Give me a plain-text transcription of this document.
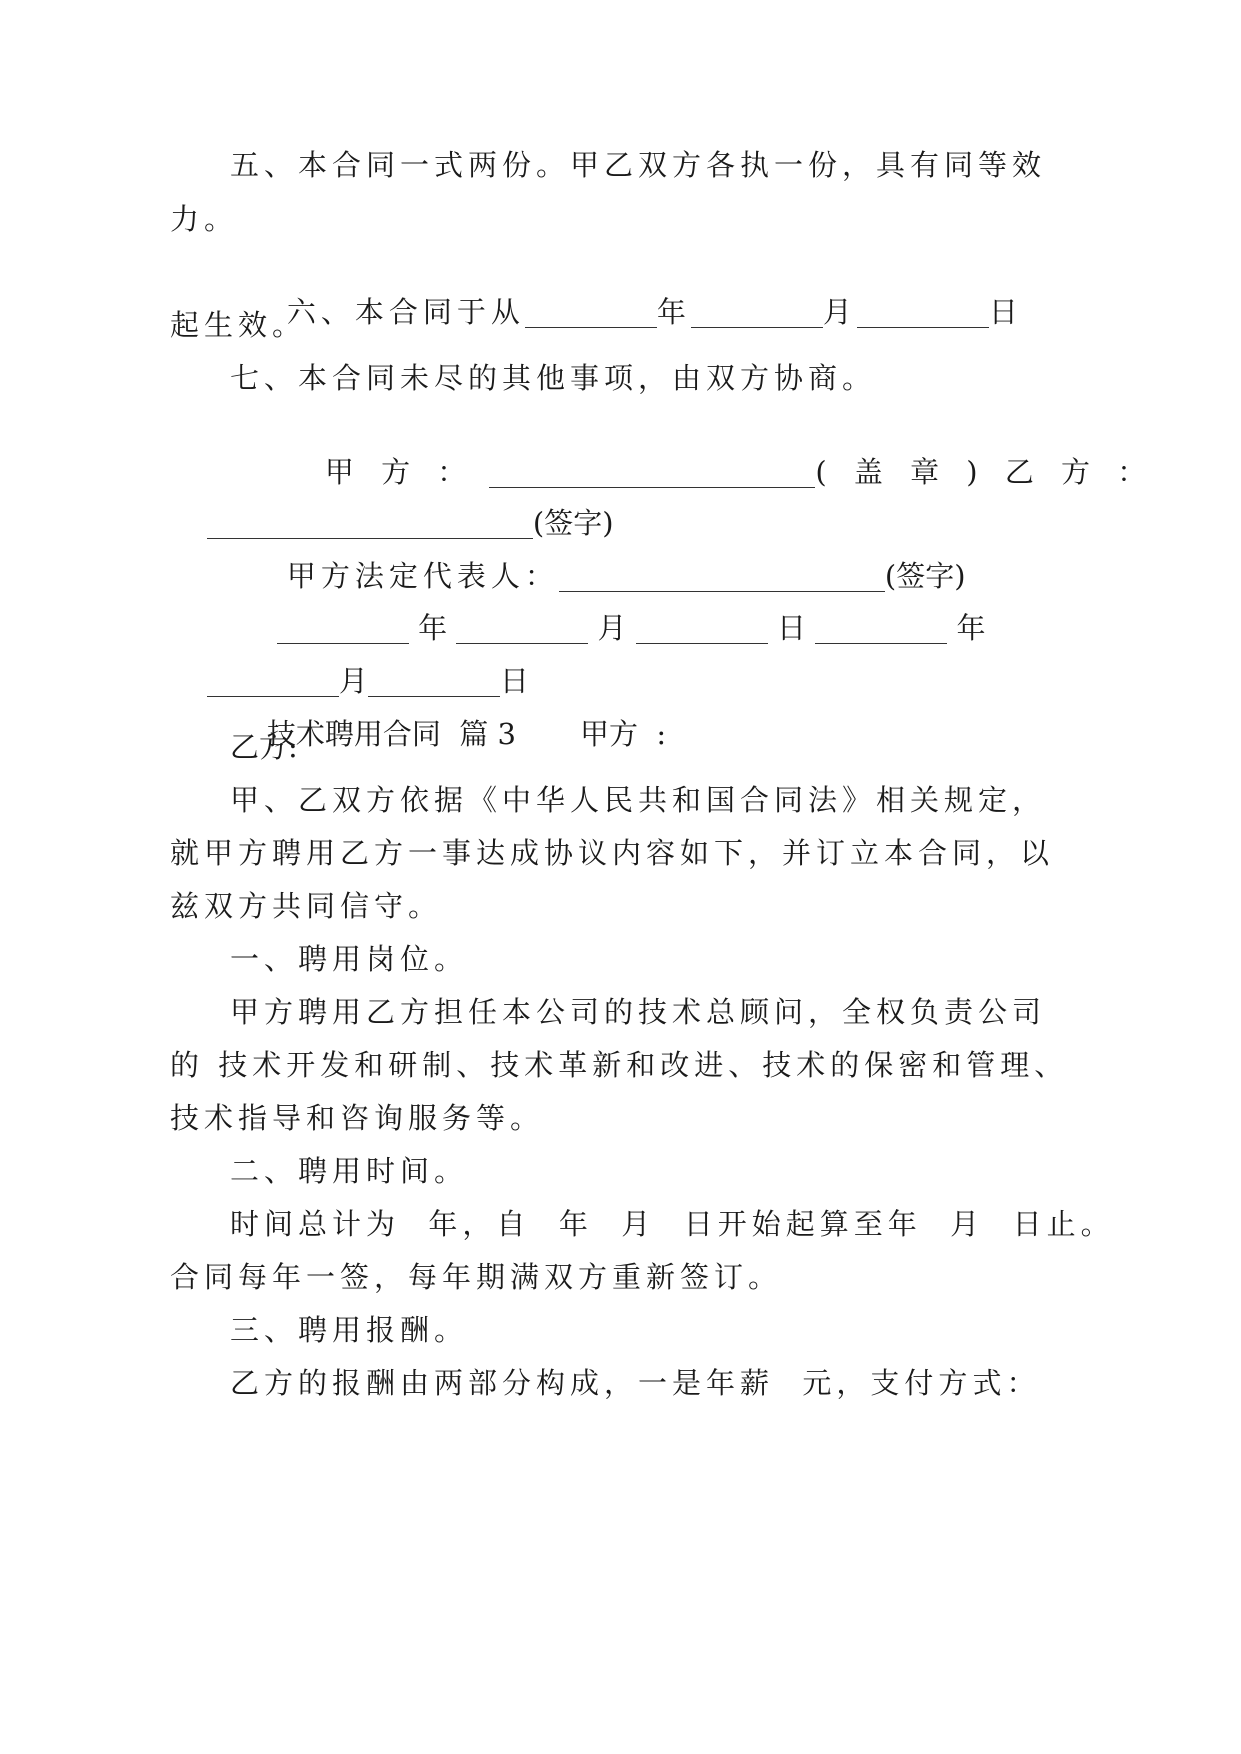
五、本合同一式两份。甲乙双方各执一份，具有同等效
力。

六、本合同于从	年	月	日

起生效。
七、本合同未尽的其他事项，由双方协商。

甲 方 ：	( 盖 章 ) 乙 方 ：

(签字)

甲方法定代表人：	(签字)

年	月	日	年

月	日

技术聘用合同  篇 3 甲方  :

乙方:
甲、乙双方依据《中华人民共和国合同法》相关规定，
就甲方聘用乙方一事达成协议内容如下，并订立本合同，以
兹双方共同信守。
一、聘用岗位。
甲方聘用乙方担任本公司的技术总顾问，全权负责公司
的 技术开发和研制、技术革新和改进、技术的保密和管理、
技术指导和咨询服务等。
二、聘用时间。
时间总计为  年，自  年  月  日开始起算至年  月  日止。
合同每年一签，每年期满双方重新签订。
三、聘用报酬。
乙方的报酬由两部分构成，一是年薪  元，支付方式：
